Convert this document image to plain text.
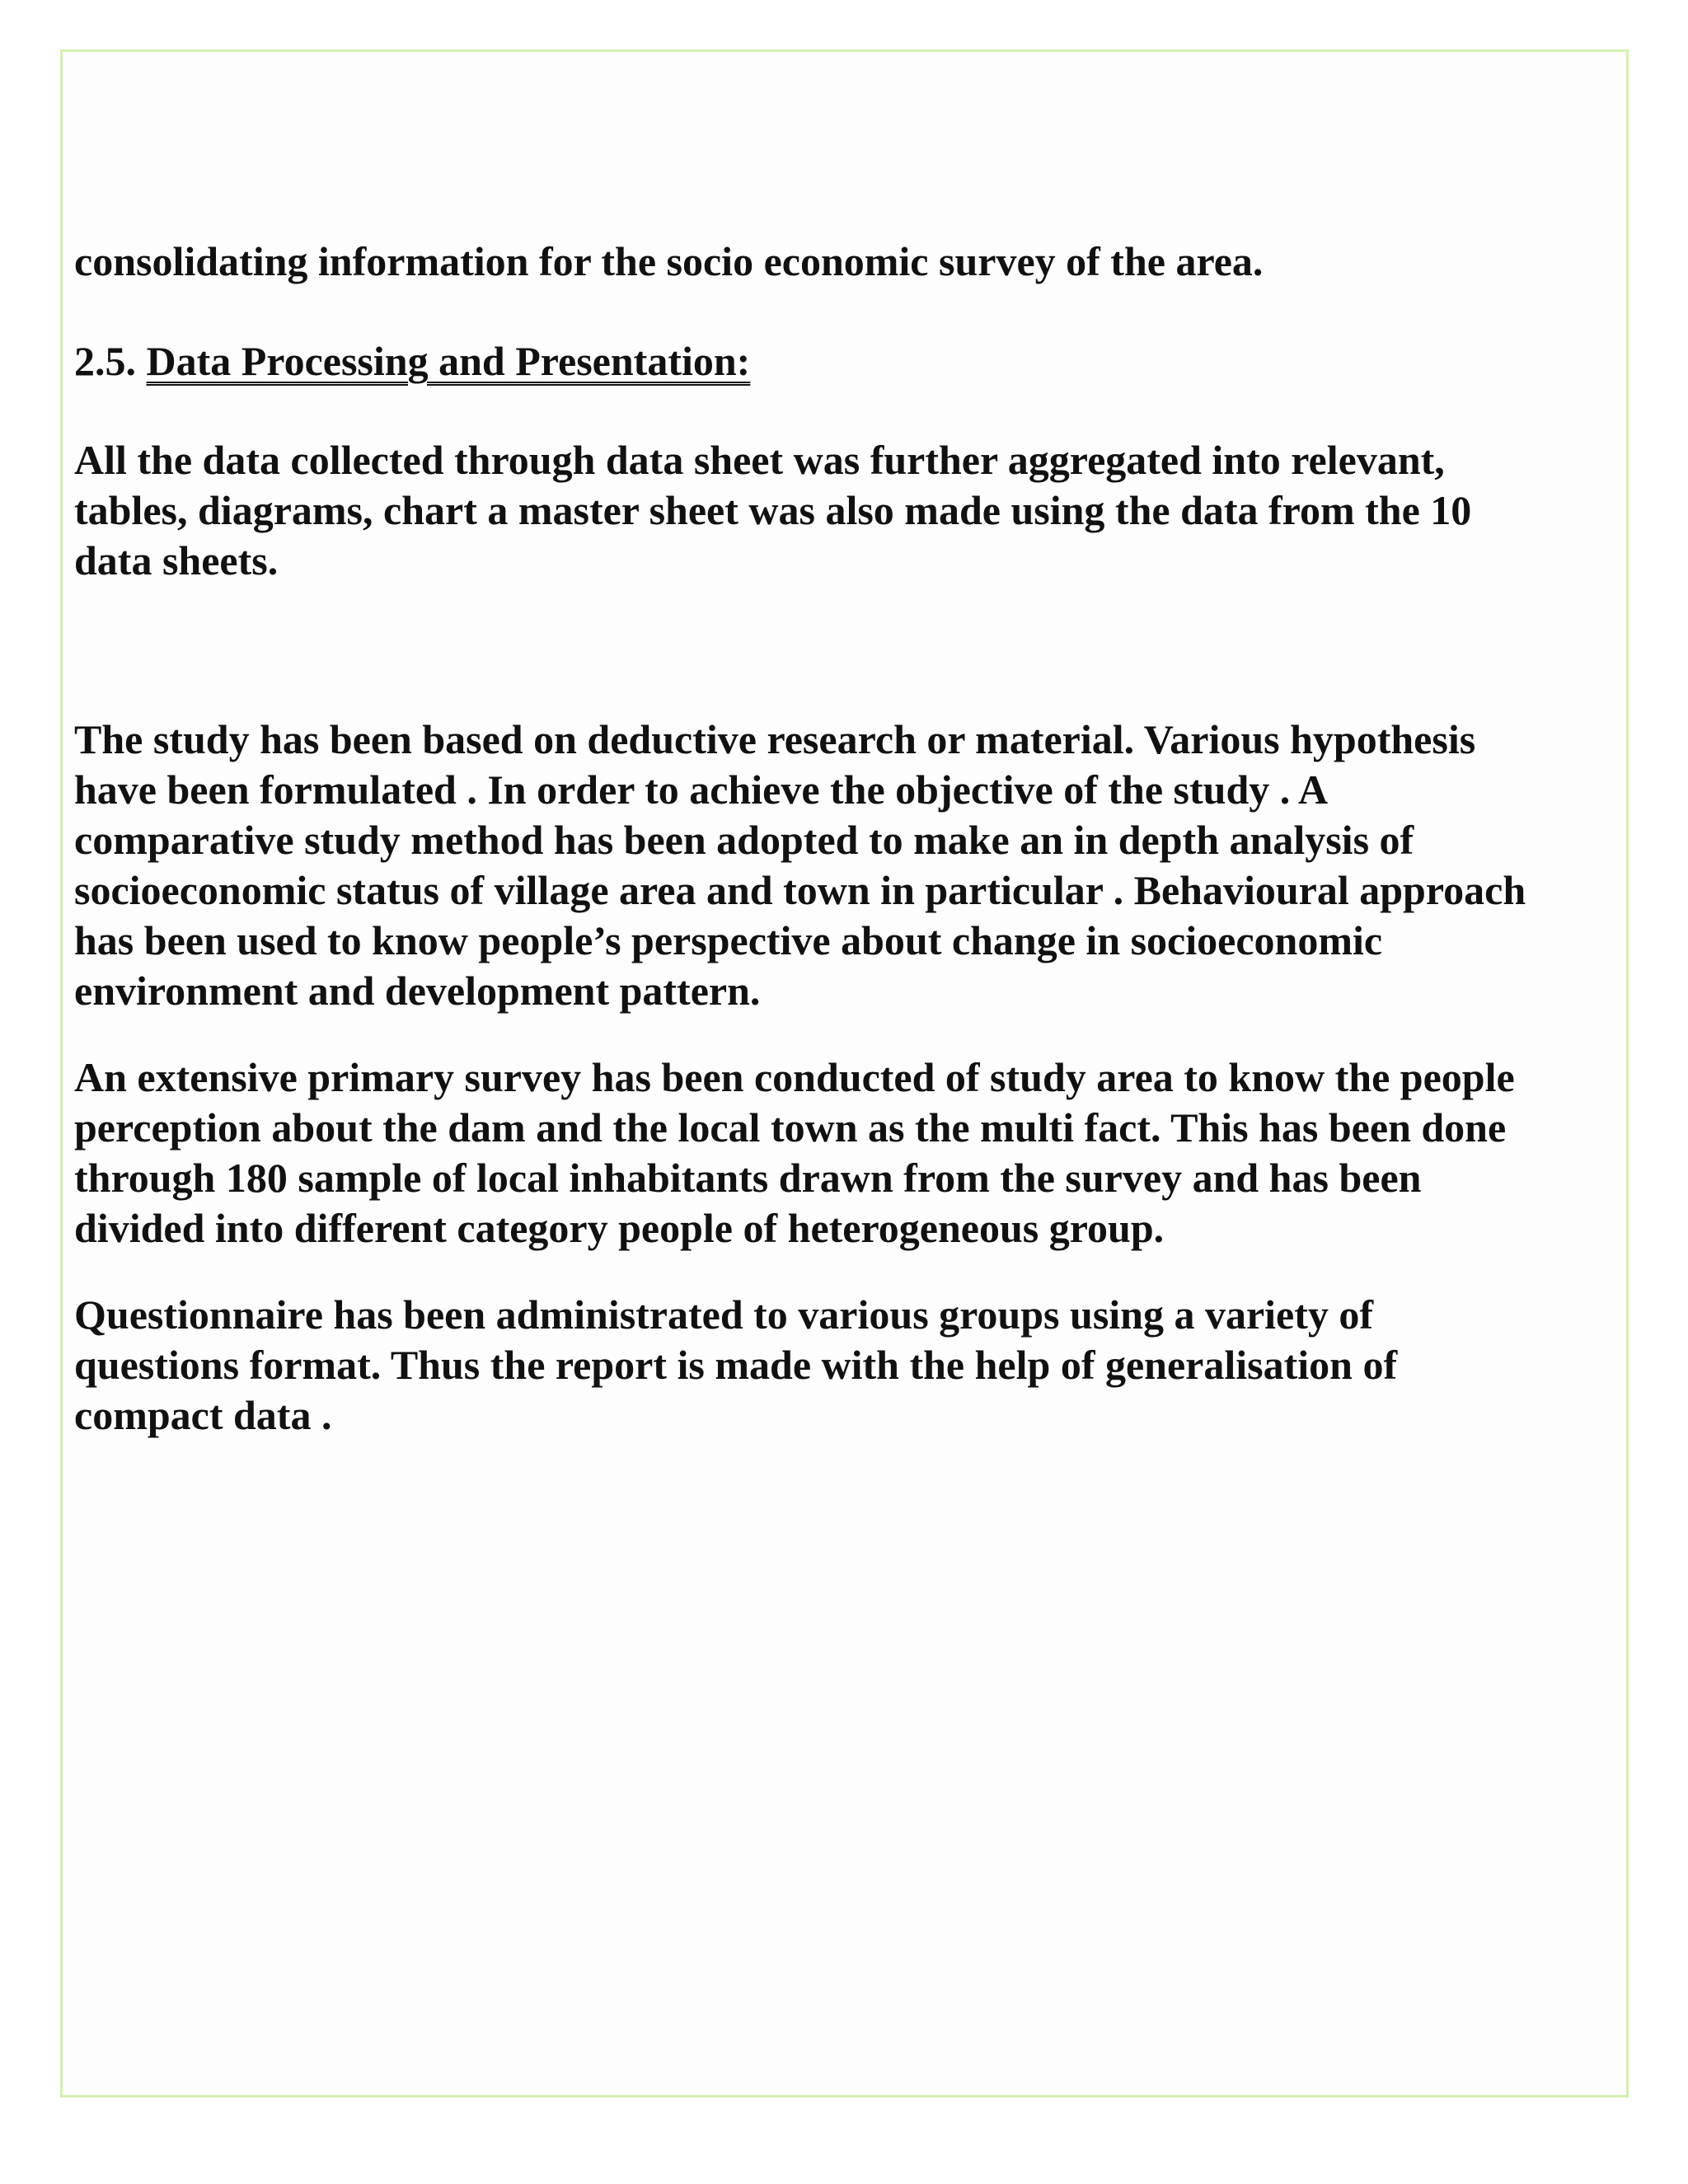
consolidating information for the socio economic survey of the area.

2.5. Data Processing and Presentation:

All the data collected through data sheet was further aggregated into relevant,
tables, diagrams, chart a master sheet was also made using the data from the 10
data sheets.

The study has been based on deductive research or material. Various hypothesis
have been formulated . In order to achieve the objective of the study . A
comparative study method has been adopted to make an in depth analysis of
socioeconomic status of village area and town in particular . Behavioural approach
has been used to know people’s perspective about change in socioeconomic
environment and development pattern.

An extensive primary survey has been conducted of study area to know the people
perception about the dam and the local town as the multi fact. This has been done
through 180 sample of local inhabitants drawn from the survey and has been
divided into different category people of heterogeneous group.

Questionnaire has been administrated to various groups using a variety of
questions format. Thus the report is made with the help of generalisation of
compact data .
